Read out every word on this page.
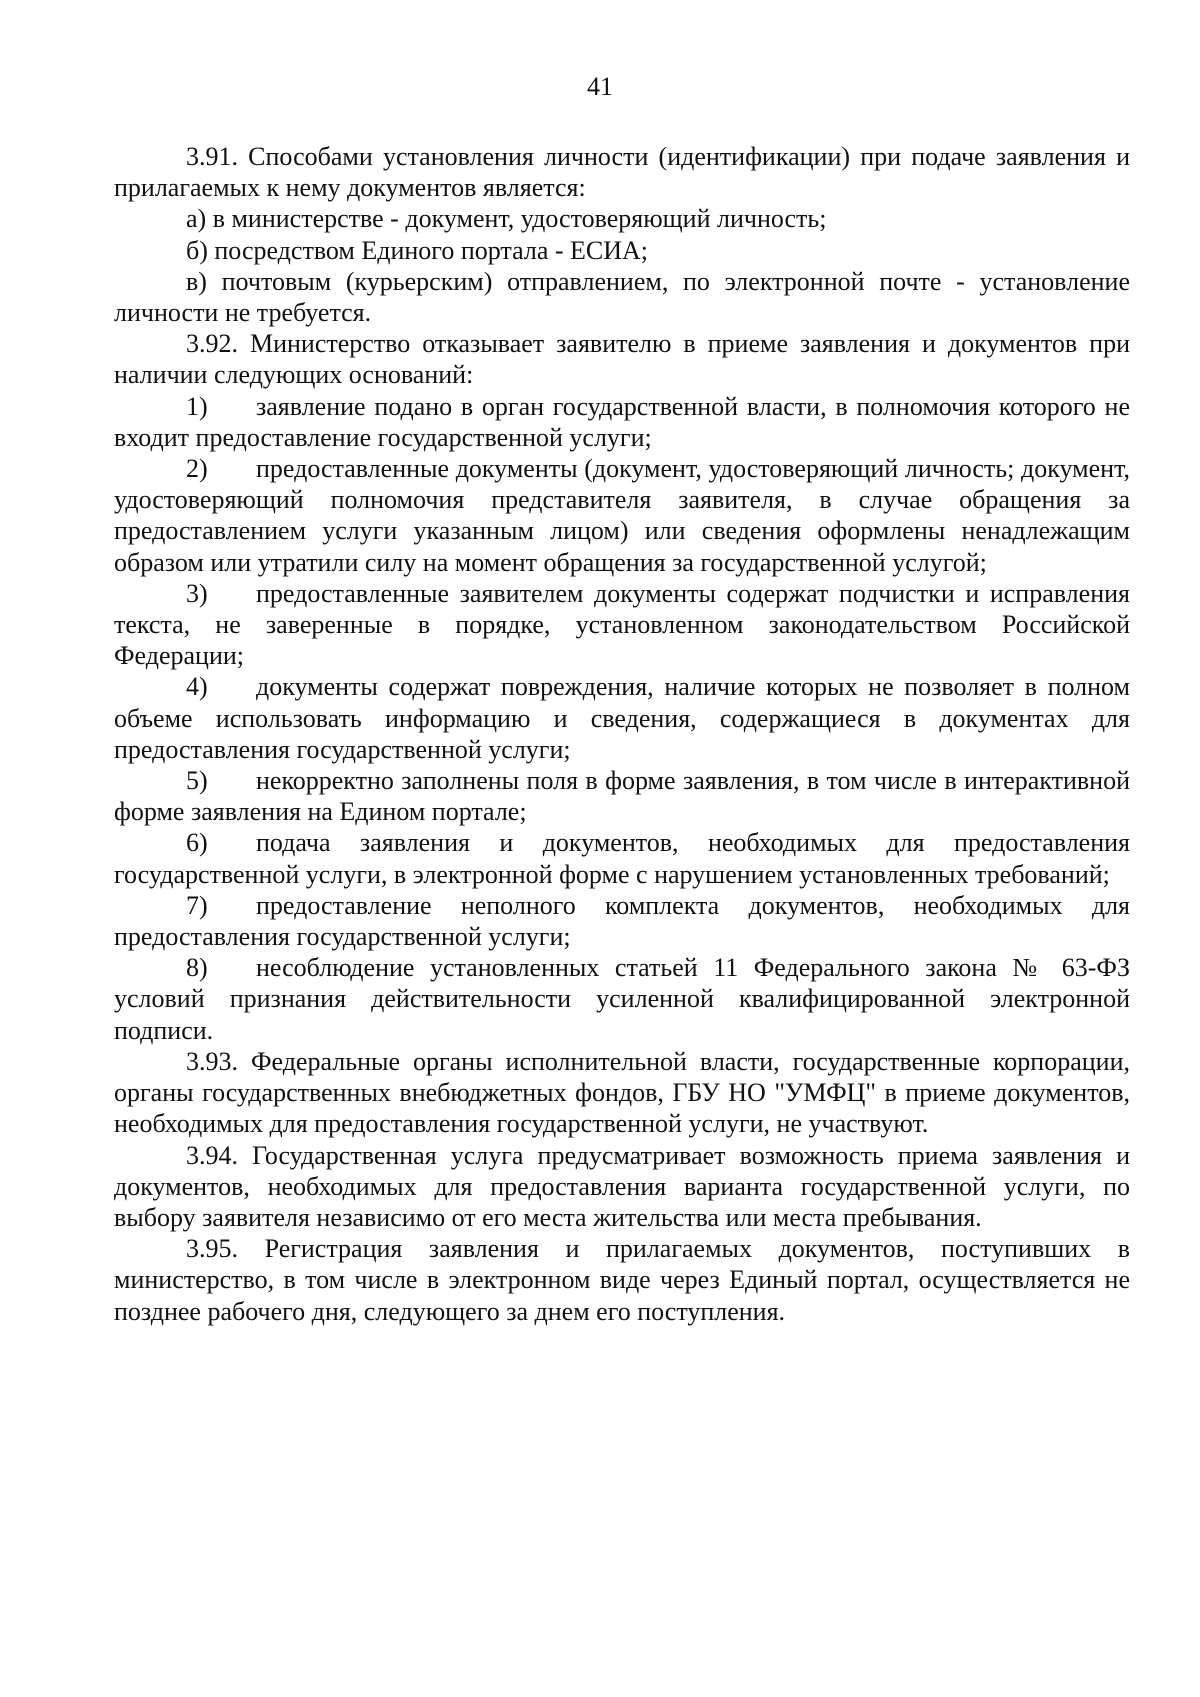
41

3.91. Способами установления личности (идентификации) при подаче заявления и прилагаемых к нему документов является:

а) в министерстве - документ, удостоверяющий личность;

б) посредством Единого портала - ЕСИА;

в) почтовым (курьерским) отправлением, по электронной почте - установление личности не требуется.

3.92. Министерство отказывает заявителю в приеме заявления и документов при наличии следующих оснований:

1) заявление подано в орган государственной власти, в полномочия которого не входит предоставление государственной услуги;

2) предоставленные документы (документ, удостоверяющий личность; документ, удостоверяющий полномочия представителя заявителя, в случае обращения за предоставлением услуги указанным лицом) или сведения оформлены ненадлежащим образом или утратили силу на момент обращения за государственной услугой;

3) предоставленные заявителем документы содержат подчистки и исправления текста, не заверенные в порядке, установленном законодательством Российской Федерации;

4) документы содержат повреждения, наличие которых не позволяет в полном объеме использовать информацию и сведения, содержащиеся в документах для предоставления государственной услуги;

5) некорректно заполнены поля в форме заявления, в том числе в интерактивной форме заявления на Едином портале;

6) подача заявления и документов, необходимых для предоставления государственной услуги, в электронной форме с нарушением установленных требований;

7) предоставление неполного комплекта документов, необходимых для предоставления государственной услуги;

8) несоблюдение установленных статьей 11 Федерального закона № 63-ФЗ условий признания действительности усиленной квалифицированной электронной подписи.

3.93. Федеральные органы исполнительной власти, государственные корпорации, органы государственных внебюджетных фондов, ГБУ НО "УМФЦ" в приеме документов, необходимых для предоставления государственной услуги, не участвуют.

3.94. Государственная услуга предусматривает возможность приема заявления и документов, необходимых для предоставления варианта государственной услуги, по выбору заявителя независимо от его места жительства или места пребывания.

3.95. Регистрация заявления и прилагаемых документов, поступивших в министерство, в том числе в электронном виде через Единый портал, осуществляется не позднее рабочего дня, следующего за днем его поступления.
